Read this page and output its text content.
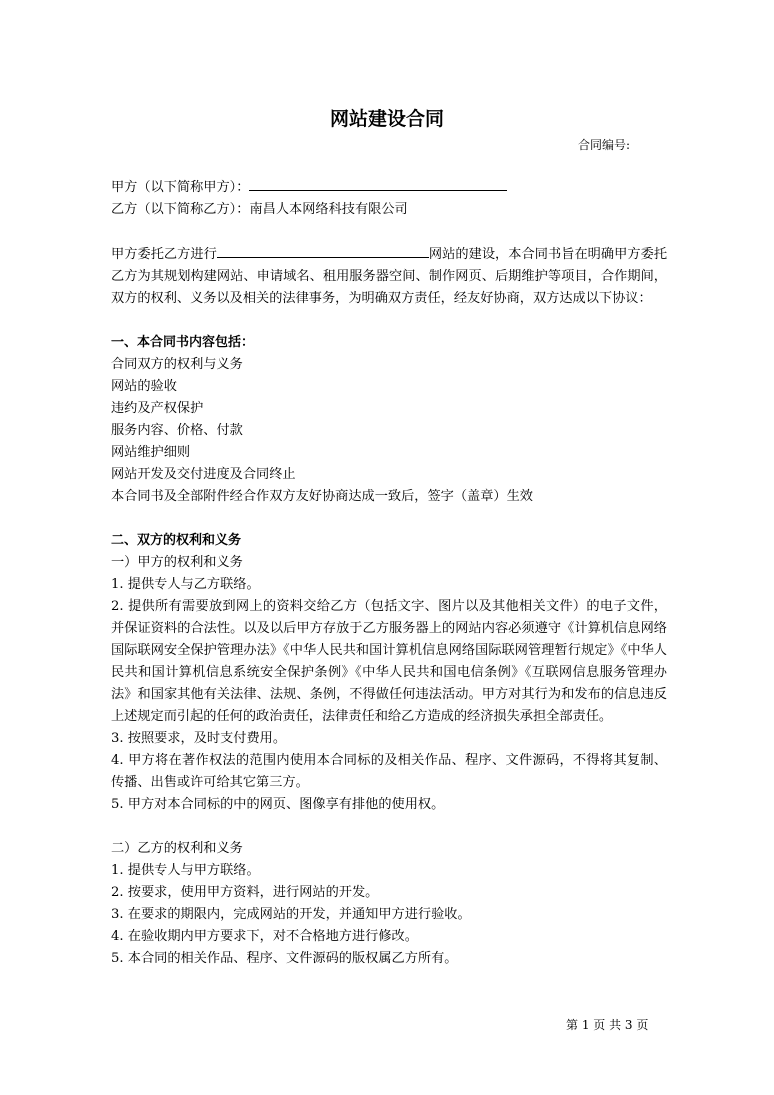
网站建设合同
合同编号:

甲方（以下简称甲方）：

乙方（以下简称乙方）：南昌人本网络科技有限公司

甲方委托乙方进行	网站的建设，本合同书旨在明确甲方委托乙方为其规划构建网站、申请域名、租用服务器空间、制作网页、后期维护等项目，合作期间，双方的权利、义务以及相关的法律事务，为明确双方责任，经友好协商，双方达成以下协议：

一、本合同书内容包括：

合同双方的权利与义务

网站的验收

违约及产权保护

服务内容、价格、付款

网站维护细则

网站开发及交付进度及合同终止

本合同书及全部附件经合作双方友好协商达成一致后，签字（盖章）生效

二、双方的权利和义务

一）甲方的权利和义务

1. 提供专人与乙方联络。

2. 提供所有需要放到网上的资料交给乙方（包括文字、图片以及其他相关文件）的电子文件，并保证资料的合法性。以及以后甲方存放于乙方服务器上的网站内容必须遵守《计算机信息网络国际联网安全保护管理办法》《中华人民共和国计算机信息网络国际联网管理暂行规定》《中华人民共和国计算机信息系统安全保护条例》《中华人民共和国电信条例》《互联网信息服务管理办法》和国家其他有关法律、法规、条例，不得做任何违法活动。甲方对其行为和发布的信息违反上述规定而引起的任何的政治责任，法律责任和给乙方造成的经济损失承担全部责任。

3. 按照要求，及时支付费用。

4. 甲方将在著作权法的范围内使用本合同标的及相关作品、程序、文件源码，不得将其复制、传播、出售或许可给其它第三方。

5. 甲方对本合同标的中的网页、图像享有排他的使用权。

二）乙方的权利和义务

1. 提供专人与甲方联络。

2. 按要求，使用甲方资料，进行网站的开发。

3. 在要求的期限内，完成网站的开发，并通知甲方进行验收。

4. 在验收期内甲方要求下，对不合格地方进行修改。

5. 本合同的相关作品、程序、文件源码的版权属乙方所有。

第 1 页 共 3 页
